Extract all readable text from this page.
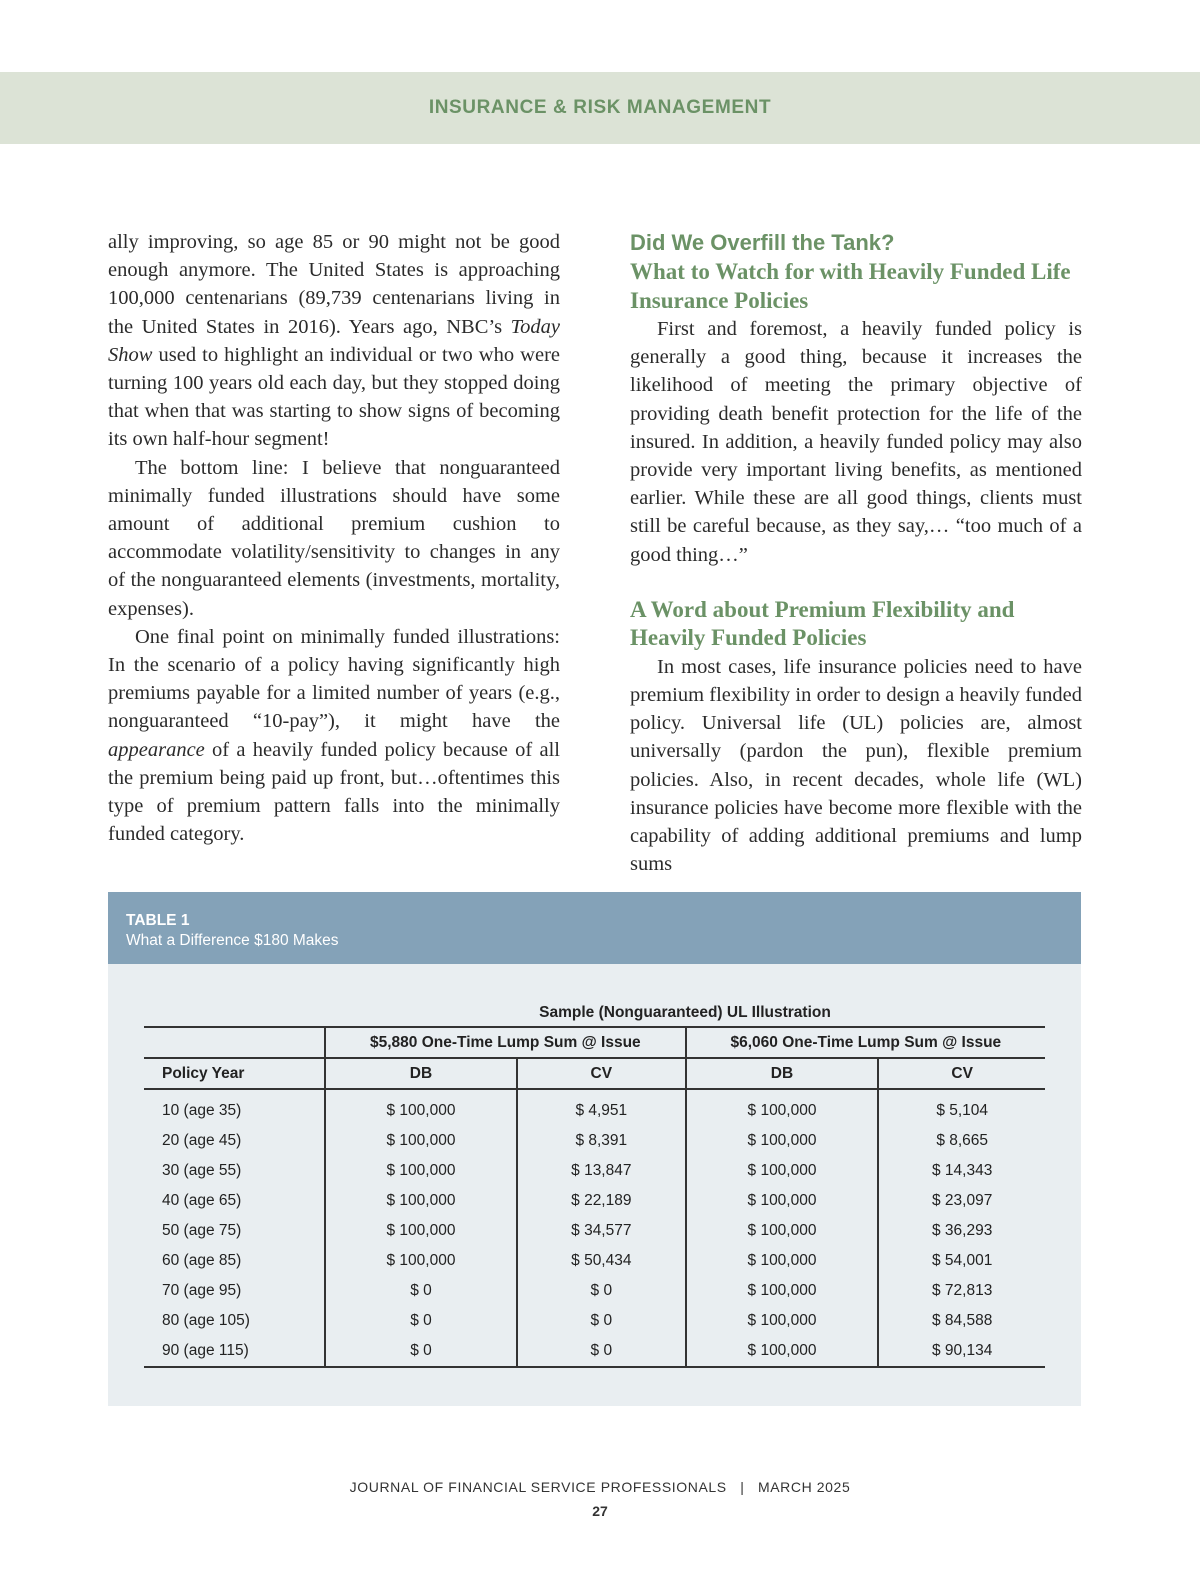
INSURANCE & RISK MANAGEMENT

ally improving, so age 85 or 90 might not be good enough anymore. The United States is approaching 100,000 centenarians (89,739 centenarians living in the United States in 2016). Years ago, NBC’s Today Show used to highlight an individual or two who were turning 100 years old each day, but they stopped doing that when that was starting to show signs of becoming its own half-hour segment!

The bottom line: I believe that nonguaranteed minimally funded illustrations should have some amount of additional premium cushion to accommodate volatility/sensitivity to changes in any of the nonguaranteed elements (investments, mortality, expenses).

One final point on minimally funded illustrations: In the scenario of a policy having significantly high premiums payable for a limited number of years (e.g., nonguaranteed “10-pay”), it might have the appearance of a heavily funded policy because of all the premium being paid up front, but…oftentimes this type of premium pattern falls into the minimally funded category.

Did We Overfill the Tank?
What to Watch for with Heavily Funded Life Insurance Policies

First and foremost, a heavily funded policy is generally a good thing, because it increases the likelihood of meeting the primary objective of providing death benefit protection for the life of the insured. In addition, a heavily funded policy may also provide very important living benefits, as mentioned earlier. While these are all good things, clients must still be careful because, as they say,… “too much of a good thing…”

A Word about Premium Flexibility and Heavily Funded Policies

In most cases, life insurance policies need to have premium flexibility in order to design a heavily funded policy. Universal life (UL) policies are, almost universally (pardon the pun), flexible premium policies. Also, in recent decades, whole life (WL) insurance policies have become more flexible with the capability of adding additional premiums and lump sums

TABLE 1
What a Difference $180 Makes
	Sample (Nonguaranteed) UL Illustration			
	$5,880 One-Time Lump Sum @ Issue		$6,060 One-Time Lump Sum @ Issue	
Policy Year	DB	CV	DB	CV

10 (age 35)	$ 100,000	$ 4,951	$ 100,000	$ 5,104
20 (age 45)	$ 100,000	$ 8,391	$ 100,000	$ 8,665
30 (age 55)	$ 100,000	$ 13,847	$ 100,000	$ 14,343
40 (age 65)	$ 100,000	$ 22,189	$ 100,000	$ 23,097
50 (age 75)	$ 100,000	$ 34,577	$ 100,000	$ 36,293
60 (age 85)	$ 100,000	$ 50,434	$ 100,000	$ 54,001
70 (age 95)	$ 0	$ 0	$ 100,000	$ 72,813
80 (age 105)	$ 0	$ 0	$ 100,000	$ 84,588
90 (age 115)	$ 0	$ 0	$ 100,000	$ 90,134
JOURNAL OF FINANCIAL SERVICE PROFESSIONALS | MARCH 2025
27
